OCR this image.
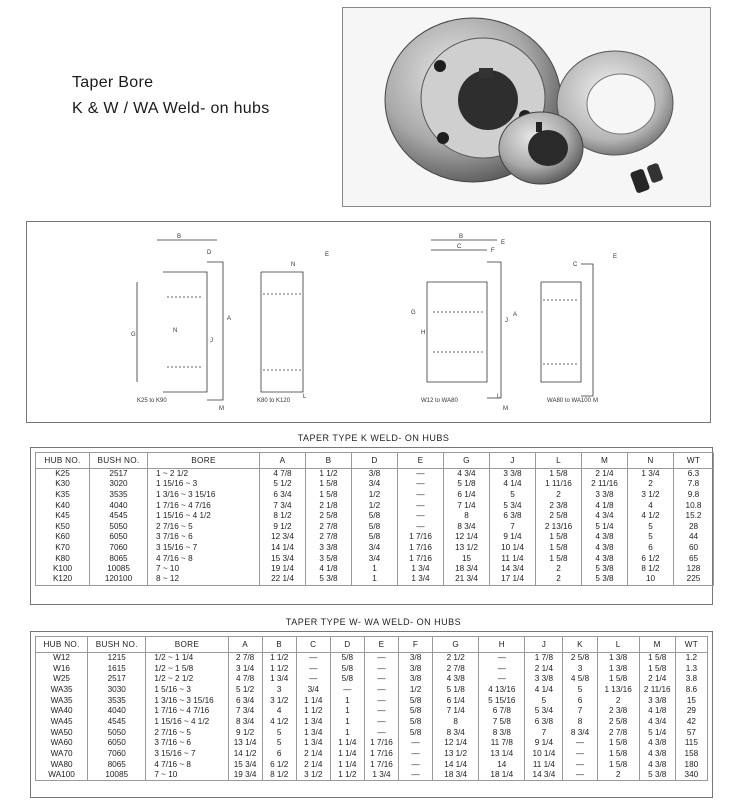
Taper Bore
K & W / WA Weld- on hubs
B
G
N
J
A
D
M
K25 to K90
N
E
L
K80 to K120
B
C
G
H
J
A
F
E
L
M
W12 to WA80
C
E
M
WA80 to WA100
TAPER TYPE K WELD- ON HUBS
HUB NO.	BUSH NO.	BORE	A	B	D	E	G	J	L	M	N	WT
K25	2517	1 ~ 2 1/2	4 7/8	1 1/2	3/8	—	4 3/4	3 3/8	1 5/8	2 1/4	1 3/4	6.3
K30	3020	1 15/16 ~ 3	5 1/2	1 5/8	3/4	—	5 1/8	4 1/4	1 11/16	2 11/16	2	7.8
K35	3535	1 3/16 ~ 3 15/16	6 3/4	1 5/8	1/2	—	6 1/4	5	2	3 3/8	3 1/2	9.8
K40	4040	1 7/16 ~ 4 7/16	7 3/4	2 1/8	1/2	—	7 1/4	5 3/4	2 3/8	4 1/8	4	10.8
K45	4545	1 15/16 ~ 4 1/2	8 1/2	2 5/8	5/8	—	8	6 3/8	2 5/8	4 3/4	4 1/2	15.2
K50	5050	2 7/16 ~ 5	9 1/2	2 7/8	5/8	—	8 3/4	7	2 13/16	5 1/4	5	28
K60	6050	3 7/16 ~ 6	12 3/4	2 7/8	5/8	1 7/16	12 1/4	9 1/4	1 5/8	4 3/8	5	44
K70	7060	3 15/16 ~ 7	14 1/4	3 3/8	3/4	1 7/16	13 1/2	10 1/4	1 5/8	4 3/8	6	60
K80	8065	4 7/16 ~ 8	15 3/4	3 5/8	3/4	1 7/16	15	11 1/4	1 5/8	4 3/8	6 1/2	65
K100	10085	7 ~ 10	19 1/4	4 1/8	1	1 3/4	18 3/4	14 3/4	2	5 3/8	8 1/2	128
K120	120100	8 ~ 12	22 1/4	5 3/8	1	1 3/4	21 3/4	17 1/4	2	5 3/8	10	225
TAPER TYPE W- WA WELD- ON HUBS
HUB NO.	BUSH NO.	BORE	A	B	C	D	E	F	G	H	J	K	L	M	WT
W12	1215	1/2 ~ 1 1/4	2 7/8	1 1/2	—	5/8	—	3/8	2 1/2	—	1 7/8	2 5/8	1 3/8	1 5/8	1.2
W16	1615	1/2 ~ 1 5/8	3 1/4	1 1/2	—	5/8	—	3/8	2 7/8	—	2 1/4	3	1 3/8	1 5/8	1.3
W25	2517	1/2 ~ 2 1/2	4 7/8	1 3/4	—	5/8	—	3/8	4 3/8	—	3 3/8	4 5/8	1 5/8	2 1/4	3.8
WA35	3030	1 5/16 ~ 3	5 1/2	3	3/4	—	—	1/2	5 1/8	4 13/16	4 1/4	5	1 13/16	2 11/16	8.6
WA35	3535	1 3/16 ~ 3 15/16	6 3/4	3 1/2	1 1/4	1	—	5/8	6 1/4	5 15/16	5	6	2	3 3/8	15
WA40	4040	1 7/16 ~ 4 7/16	7 3/4	4	1 1/2	1	—	5/8	7 1/4	6 7/8	5 3/4	7	2 3/8	4 1/8	29
WA45	4545	1 15/16 ~ 4 1/2	8 3/4	4 1/2	1 3/4	1	—	5/8	8	7 5/8	6 3/8	8	2 5/8	4 3/4	42
WA50	5050	2 7/16 ~ 5	9 1/2	5	1 3/4	1	—	5/8	8 3/4	8 3/8	7	8 3/4	2 7/8	5 1/4	57
WA60	6050	3 7/16 ~ 6	13 1/4	5	1 3/4	1 1/4	1 7/16	—	12 1/4	11 7/8	9 1/4	—	1 5/8	4 3/8	115
WA70	7060	3 15/16 ~ 7	14 1/2	6	2 1/4	1 1/4	1 7/16	—	13 1/2	13 1/4	10 1/4	—	1 5/8	4 3/8	158
WA80	8065	4 7/16 ~ 8	15 3/4	6 1/2	2 1/4	1 1/4	1 7/16	—	14 1/4	14	11 1/4	—	1 5/8	4 3/8	180
WA100	10085	7 ~ 10	19 3/4	8 1/2	3 1/2	1 1/2	1 3/4	—	18 3/4	18 1/4	14 3/4	—	2	5 3/8	340
